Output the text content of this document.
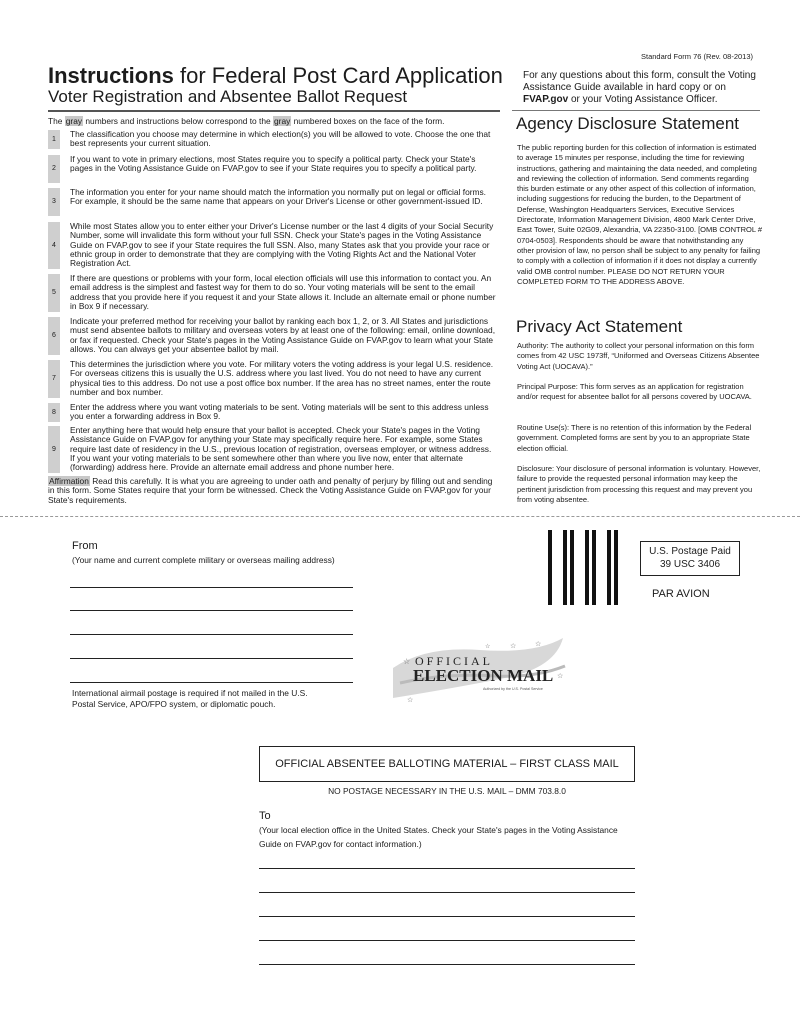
Standard Form 76 (Rev. 08-2013)
Instructions for Federal Post Card Application
Voter Registration and Absentee Ballot Request
For any questions about this form, consult the Voting Assistance Guide available in hard copy or on FVAP.gov or your Voting Assistance Officer.
The gray numbers and instructions below correspond to the gray numbered boxes on the face of the form.
1
The classification you choose may determine in which election(s) you will be allowed to vote. Choose the one that best represents your current situation.
2
If you want to vote in primary elections, most States require you to specify a political party. Check your State's pages in the Voting Assistance Guide on FVAP.gov to see if your State requires you to specify a political party.
3
The information you enter for your name should match the information you normally put on legal or official forms. For example, it should be the same name that appears on your Driver's License or other government-issued ID.
4
While most States allow you to enter either your Driver's License number or the last 4 digits of your Social Security Number, some will invalidate this form without your full SSN. Check your State's pages in the Voting Assistance Guide on FVAP.gov to see if your State requires the full SSN. Also, many States ask that you provide your race or ethnic group in order to demonstrate that they are complying with the Voting Rights Act and the National Voter Registration Act.
5
If there are questions or problems with your form, local election officials will use this information to contact you. An email address is the simplest and fastest way for them to do so. Your voting materials will be sent to the email address that you provide here if you request it and your State allows it. Include an alternate email or phone number in Box 9 if necessary.
6
Indicate your preferred method for receiving your ballot by ranking each box 1, 2, or 3. All States and jurisdictions must send absentee ballots to military and overseas voters by at least one of the following: email, online download, or fax if requested. Check your State's pages in the Voting Assistance Guide on FVAP.gov to learn what your State allows. You can always get your absentee ballot by mail.
7
This determines the jurisdiction where you vote. For military voters the voting address is your legal U.S. residence. For overseas citizens this is usually the U.S. address where you last lived. You do not need to have any current physical ties to this address. Do not use a post office box number. If the area has no street names, enter the route number and box number.
8
Enter the address where you want voting materials to be sent. Voting materials will be sent to this address unless you enter a forwarding address in Box 9.
9
Enter anything here that would help ensure that your ballot is accepted. Check your State's pages in the Voting Assistance Guide on FVAP.gov for anything your State may specifically require here. For example, some States require last date of residency in the U.S., previous location of registration, overseas employer, or witness address. If you want your voting materials to be sent somewhere other than where you live now, enter that alternate (forwarding) address here. Provide an alternate email address and phone number here.
Affirmation Read this carefully. It is what you are agreeing to under oath and penalty of perjury by filling out and sending in this form. Some States require that your form be witnessed. Check the Voting Assistance Guide on FVAP.gov for your State's requirements.
Agency Disclosure Statement
The public reporting burden for this collection of information is estimated to average 15 minutes per response, including the time for reviewing instructions, gathering and maintaining the data needed, and completing and reviewing the collection of information. Send comments regarding this burden estimate or any other aspect of this collection of information, including suggestions for reducing the burden, to the Department of Defense, Washington Headquarters Services, Executive Services Directorate, Information Management Division, 4800 Mark Center Drive, East Tower, Suite 02G09, Alexandria, VA 22350-3100. [OMB CONTROL # 0704-0503]. Respondents should be aware that notwithstanding any other provision of law, no person shall be subject to any penalty for failing to comply with a collection of information if it does not display a currently valid OMB control number. PLEASE DO NOT RETURN YOUR COMPLETED FORM TO THE ADDRESS ABOVE.
Privacy Act Statement
Authority: The authority to collect your personal information on this form comes from 42 USC 1973ff, “Uniformed and Overseas Citizens Absentee Voting Act (UOCAVA).”
Principal Purpose: This form serves as an application for registration and/or request for absentee ballot for all persons covered by UOCAVA.
Routine Use(s): There is no retention of this information by the Federal government. Completed forms are sent by you to an appropriate State election official.
Disclosure: Your disclosure of personal information is voluntary. However, failure to provide the requested personal information may keep the pertinent jurisdiction from processing this request and may prevent you from voting absentee.
From
(Your name and current complete military or overseas mailing address)
International airmail postage is required if not mailed in the U.S. Postal Service, APO/FPO system, or diplomatic pouch.
U.S. Postage Paid
39 USC 3406
PAR AVION
OFFICIAL
ELECTION MAIL
Authorized by the U.S. Postal Service
☆
☆	☆
☆
☆
☆
OFFICIAL ABSENTEE BALLOTING MATERIAL – FIRST CLASS MAIL
NO POSTAGE NECESSARY IN THE U.S. MAIL – DMM 703.8.0
To
(Your local election office in the United States. Check your State's pages in the Voting Assistance Guide on FVAP.gov for contact information.)
